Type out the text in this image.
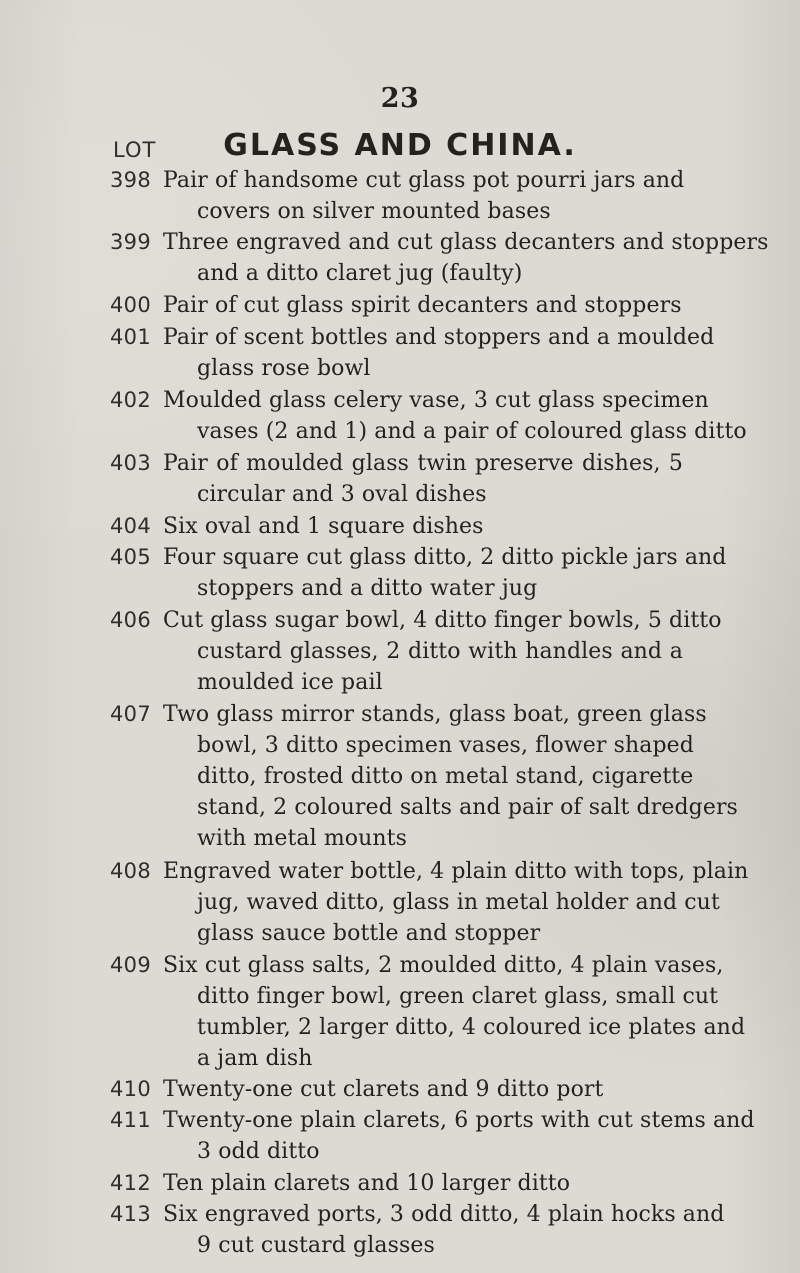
23
GLASS AND CHINA.
LOT
398 Pair of handsome cut glass pot pourri jars and
covers on silver mounted bases
399 Three engraved and cut glass decanters and stoppers
and a ditto claret jug (faulty)
400 Pair of cut glass spirit decanters and stoppers
401 Pair of scent bottles and stoppers and a moulded
glass rose bowl
402 Moulded glass celery vase, 3 cut glass specimen
vases (2 and 1) and a pair of coloured glass ditto
403 Pair of moulded glass twin preserve dishes, 5
circular and 3 oval dishes
404 Six oval and 1 square dishes
405 Four square cut glass ditto, 2 ditto pickle jars and
stoppers and a ditto water jug
406 Cut glass sugar bowl, 4 ditto finger bowls, 5 ditto
custard glasses, 2 ditto with handles and a
moulded ice pail
407 Two glass mirror stands, glass boat, green glass
bowl, 3 ditto specimen vases, flower shaped
ditto, frosted ditto on metal stand, cigarette
stand, 2 coloured salts and pair of salt dredgers
with metal mounts
408 Engraved water bottle, 4 plain ditto with tops, plain
jug, waved ditto, glass in metal holder and cut
glass sauce bottle and stopper
409 Six cut glass salts, 2 moulded ditto, 4 plain vases,
ditto finger bowl, green claret glass, small cut
tumbler, 2 larger ditto, 4 coloured ice plates and
a jam dish
410 Twenty-one cut clarets and 9 ditto port
411 Twenty-one plain clarets, 6 ports with cut stems and
3 odd ditto
412 Ten plain clarets and 10 larger ditto
413 Six engraved ports, 3 odd ditto, 4 plain hocks and
9 cut custard glasses
